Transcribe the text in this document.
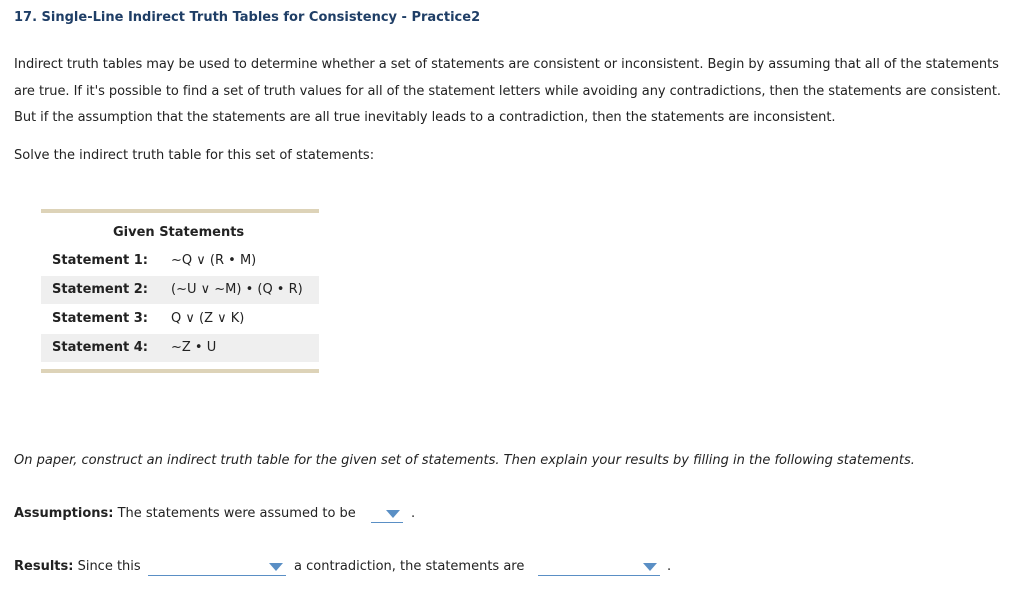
17. Single-Line Indirect Truth Tables for Consistency - Practice2
Indirect truth tables may be used to determine whether a set of statements are consistent or inconsistent. Begin by assuming that all of the statements are true. If it's possible to find a set of truth values for all of the statement letters while avoiding any contradictions, then the statements are consistent. But if the assumption that the statements are all true inevitably leads to a contradiction, then the statements are inconsistent.
Solve the indirect truth table for this set of statements:
Given Statements
Statement 1: ~Q ∨ (R • M)
Statement 2: (~U ∨ ~M) • (Q • R)
Statement 3: Q ∨ (Z ∨ K)
Statement 4: ~Z • U
On paper, construct an indirect truth table for the given set of statements. Then explain your results by filling in the following statements.
Assumptions: The statements were assumed to be	.
Results: Since this	a contradiction, the statements are	.
